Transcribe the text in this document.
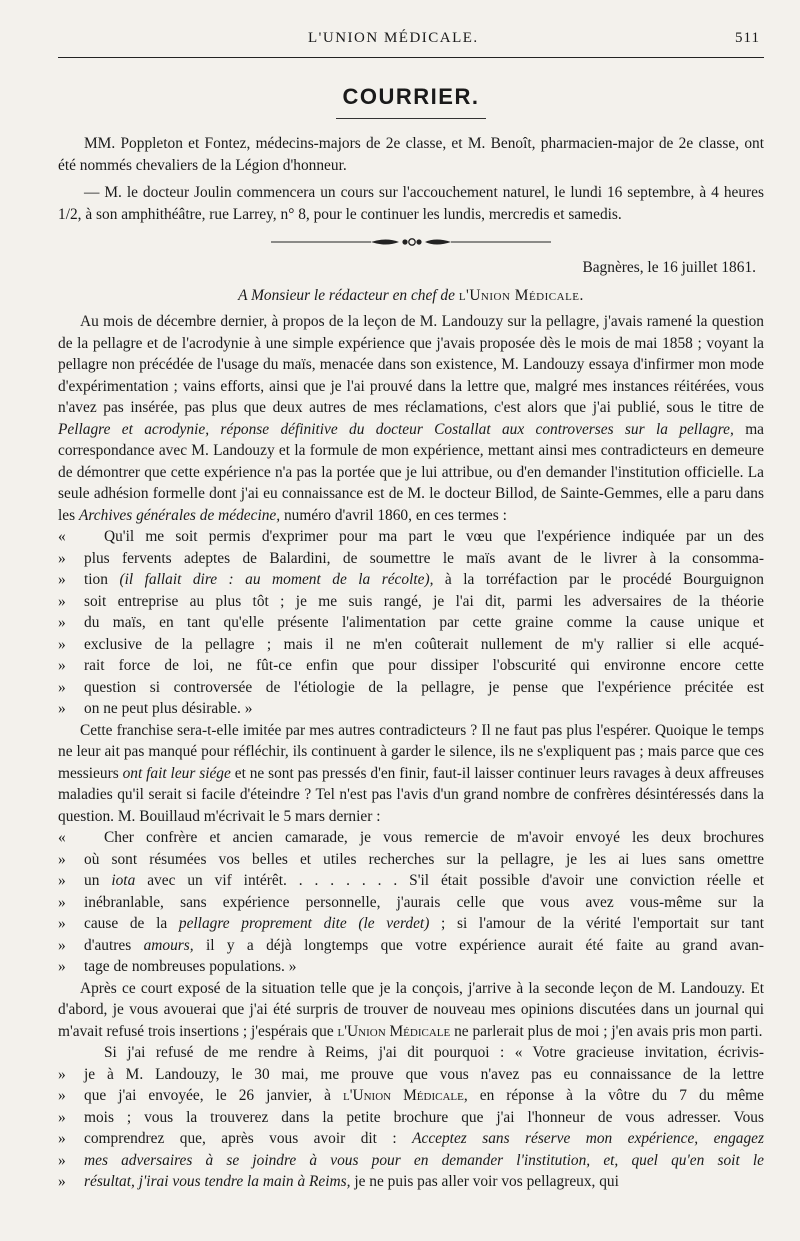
L'UNION MÉDICALE.	511
COURRIER.

MM. Poppleton et Fontez, médecins-majors de 2e classe, et M. Benoît, pharmacien-major de 2e classe, ont été nommés chevaliers de la Légion d'honneur.

— M. le docteur Joulin commencera un cours sur l'accouchement naturel, le lundi 16 septembre, à 4 heures 1/2, à son amphithéâtre, rue Larrey, n° 8, pour le continuer les lundis, mercredis et samedis.

Bagnères, le 16 juillet 1861.
A Monsieur le rédacteur en chef de l'Union Médicale.

Au mois de décembre dernier, à propos de la leçon de M. Landouzy sur la pellagre, j'avais ramené la question de la pellagre et de l'acrodynie à une simple expérience que j'avais proposée dès le mois de mai 1858 ; voyant la pellagre non précédée de l'usage du maïs, menacée dans son existence, M. Landouzy essaya d'infirmer mon mode d'expérimentation ; vains efforts, ainsi que je l'ai prouvé dans la lettre que, malgré mes instances réitérées, vous n'avez pas insérée, pas plus que deux autres de mes réclamations, c'est alors que j'ai publié, sous le titre de Pellagre et acrodynie, réponse définitive du docteur Costallat aux controverses sur la pellagre, ma correspondance avec M. Landouzy et la formule de mon expérience, mettant ainsi mes contradicteurs en demeure de démontrer que cette expérience n'a pas la portée que je lui attribue, ou d'en demander l'institution officielle. La seule adhésion formelle dont j'ai eu connaissance est de M. le docteur Billod, de Sainte-Gemmes, elle a paru dans les Archives générales de médecine, numéro d'avril 1860, en ces termes :

« Qu'il me soit permis d'exprimer pour ma part le vœu que l'expérience indiquée par un des
» plus fervents adeptes de Balardini, de soumettre le maïs avant de le livrer à la consomma-
» tion (il fallait dire : au moment de la récolte), à la torréfaction par le procédé Bourguignon
» soit entreprise au plus tôt ; je me suis rangé, je l'ai dit, parmi les adversaires de la théorie
» du maïs, en tant qu'elle présente l'alimentation par cette graine comme la cause unique et
» exclusive de la pellagre ; mais il ne m'en coûterait nullement de m'y rallier si elle acqué-
» rait force de loi, ne fût-ce enfin que pour dissiper l'obscurité qui environne encore cette
» question si controversée de l'étiologie de la pellagre, je pense que l'expérience précitée est
» on ne peut plus désirable. »

Cette franchise sera-t-elle imitée par mes autres contradicteurs ? Il ne faut pas plus l'espérer. Quoique le temps ne leur ait pas manqué pour réfléchir, ils continuent à garder le silence, ils ne s'expliquent pas ; mais parce que ces messieurs ont fait leur siége et ne sont pas pressés d'en finir, faut-il laisser continuer leurs ravages à deux affreuses maladies qu'il serait si facile d'éteindre ? Tel n'est pas l'avis d'un grand nombre de confrères désintéressés dans la question. M. Bouillaud m'écrivait le 5 mars dernier :

« Cher confrère et ancien camarade, je vous remercie de m'avoir envoyé les deux brochures
» où sont résumées vos belles et utiles recherches sur la pellagre, je les ai lues sans omettre
» un iota avec un vif intérêt. . . . . . . . S'il était possible d'avoir une conviction réelle et
» inébranlable, sans expérience personnelle, j'aurais celle que vous avez vous-même sur la
» cause de la pellagre proprement dite (le verdet) ; si l'amour de la vérité l'emportait sur tant
» d'autres amours, il y a déjà longtemps que votre expérience aurait été faite au grand avan-
» tage de nombreuses populations. »

Après ce court exposé de la situation telle que je la conçois, j'arrive à la seconde leçon de M. Landouzy. Et d'abord, je vous avouerai que j'ai été surpris de trouver de nouveau mes opinions discutées dans un journal qui m'avait refusé trois insertions ; j'espérais que l'Union Médicale ne parlerait plus de moi ; j'en avais pris mon parti.

Si j'ai refusé de me rendre à Reims, j'ai dit pourquoi : « Votre gracieuse invitation, écrivis-
» je à M. Landouzy, le 30 mai, me prouve que vous n'avez pas eu connaissance de la lettre
» que j'ai envoyée, le 26 janvier, à l'Union Médicale, en réponse à la vôtre du 7 du même
» mois ; vous la trouverez dans la petite brochure que j'ai l'honneur de vous adresser. Vous
» comprendrez que, après vous avoir dit : Acceptez sans réserve mon expérience, engagez
» mes adversaires à se joindre à vous pour en demander l'institution, et, quel qu'en soit le
» résultat, j'irai vous tendre la main à Reims, je ne puis pas aller voir vos pellagreux, qui
